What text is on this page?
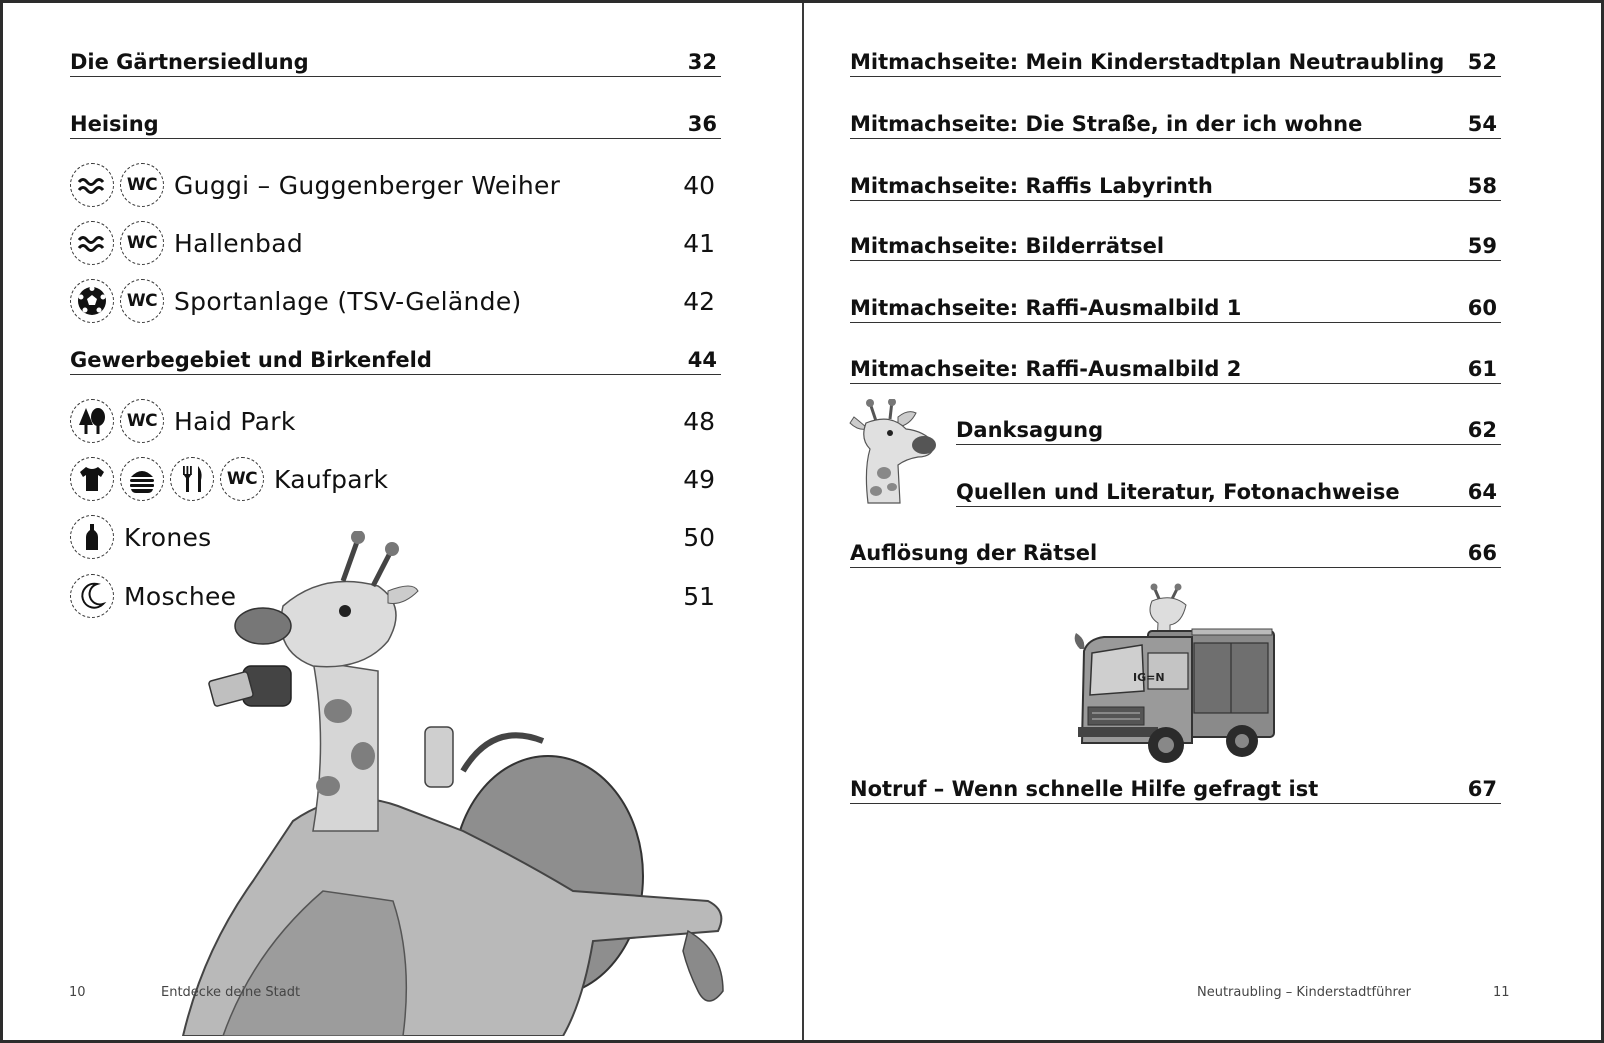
Die Gärtnersiedlung	32
Heising	36
WC Guggi – Guggenberger Weiher	40
WC Hallenbad	41
WC Sportanlage (TSV-Gelände)	42
Gewerbegebiet und Birkenfeld	44
WC Haid Park	48
WC Kaufpark	49
Krones	50
Moschee	51
10	Entdecke deine Stadt
Mitmachseite: Mein Kinderstadtplan Neutraubling 52
Mitmachseite: Die Straße, in der ich wohne	54
Mitmachseite: Raffis Labyrinth	58
Mitmachseite: Bilderrätsel	59
Mitmachseite: Raffi-Ausmalbild 1	60
Mitmachseite: Raffi-Ausmalbild 2	61
Danksagung	62
Quellen und Literatur, Fotonachweise	64
Auflösung der Rätsel	66
IG=N
Notruf – Wenn schnelle Hilfe gefragt ist	67
Neutraubling – Kinderstadtführer	11
